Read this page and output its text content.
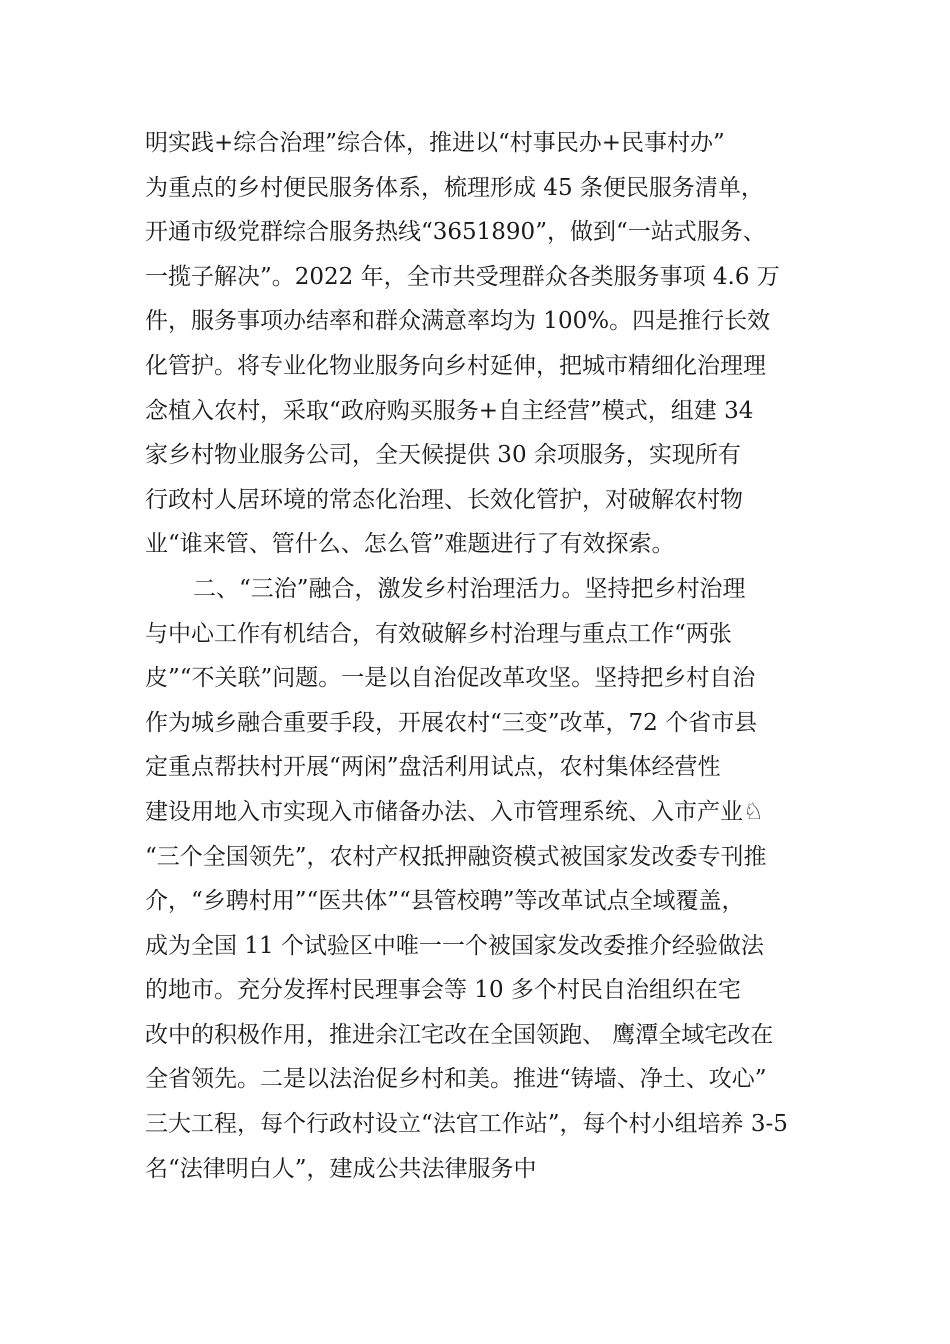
明实践+综合治理”综合体，推进以“村事民办+民事村办”
为重点的乡村便民服务体系，梳理形成 45 条便民服务清单，
开通市级党群综合服务热线“3651890”，做到“一站式服务、
一揽子解决”。2022 年，全市共受理群众各类服务事项 4.6 万
件，服务事项办结率和群众满意率均为 100%。四是推行长效
化管护。将专业化物业服务向乡村延伸，把城市精细化治理理
念植入农村，采取“政府购买服务+自主经营”模式，组建 34
家乡村物业服务公司，全天候提供 30 余项服务，实现所有
行政村人居环境的常态化治理、长效化管护，对破解农村物
业“谁来管、管什么、怎么管”难题进行了有效探索。
二、“三治”融合，激发乡村治理活力。坚持把乡村治理
与中心工作有机结合，有效破解乡村治理与重点工作“两张
皮”“不关联”问题。一是以自治促改革攻坚。坚持把乡村自治
作为城乡融合重要手段，开展农村“三变”改革，72 个省市县
定重点帮扶村开展“两闲”盘活利用试点，农村集体经营性
建设用地入市实现入市储备办法、入市管理系统、入市产业♘
“三个全国领先”，农村产权抵押融资模式被国家发改委专刊推
介，“乡聘村用”“医共体”“县管校聘”等改革试点全域覆盖，
成为全国 11 个试验区中唯一一个被国家发改委推介经验做法
的地市。充分发挥村民理事会等 10 多个村民自治组织在宅
改中的积极作用，推进余江宅改在全国领跑、 鹰潭全域宅改在
全省领先。二是以法治促乡村和美。推进“铸墙、净土、攻心”
三大工程，每个行政村设立“法官工作站”，每个村小组培养 3-5
名“法律明白人”，建成公共法律服务中
